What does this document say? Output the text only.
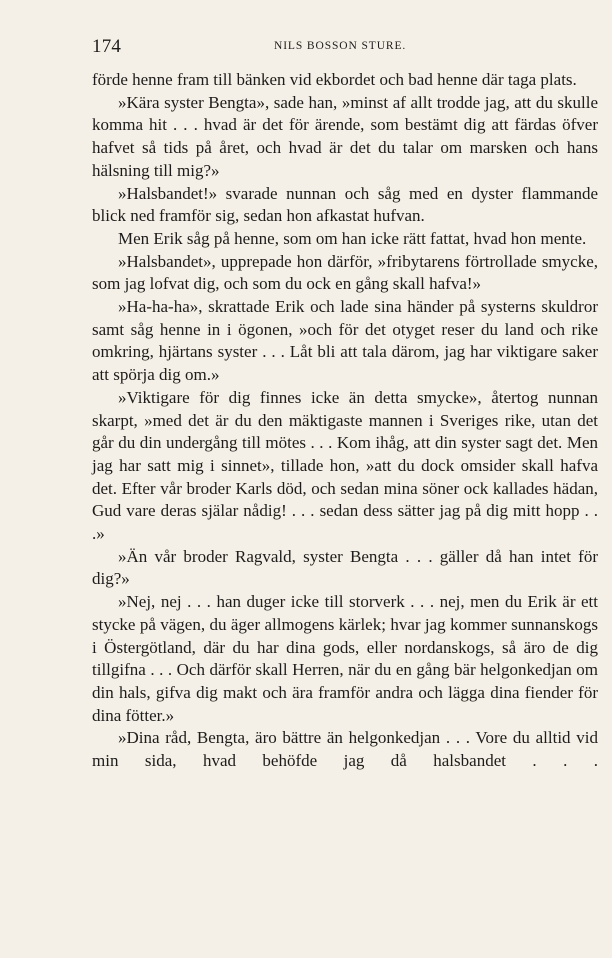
174	NILS BOSSON STURE.

förde henne fram till bänken vid ekbordet och bad henne där taga plats.

»Kära syster Bengta», sade han, »minst af allt trodde jag, att du skulle komma hit . . . hvad är det för ärende, som bestämt dig att färdas öfver hafvet så tids på året, och hvad är det du talar om marsken och hans hälsning till mig?»

»Halsbandet!» svarade nunnan och såg med en dyster flammande blick ned framför sig, sedan hon afkastat hufvan.

Men Erik såg på henne, som om han icke rätt fattat, hvad hon mente.

»Halsbandet», upprepade hon därför, »fribytarens förtrollade smycke, som jag lofvat dig, och som du ock en gång skall hafva!»

»Ha-ha-ha», skrattade Erik och lade sina händer på systerns skuldror samt såg henne in i ögonen, »och för det otyget reser du land och rike omkring, hjärtans syster . . . Låt bli att tala därom, jag har viktigare saker att spörja dig om.»

»Viktigare för dig finnes icke än detta smycke», återtog nunnan skarpt, »med det är du den mäktigaste mannen i Sveriges rike, utan det går du din undergång till mötes . . . Kom ihåg, att din syster sagt det. Men jag har satt mig i sinnet», tillade hon, »att du dock omsider skall hafva det. Efter vår broder Karls död, och sedan mina söner ock kallades hädan, Gud vare deras själar nådig! . . . sedan dess sätter jag på dig mitt hopp . . .»

»Än vår broder Ragvald, syster Bengta . . . gäller då han intet för dig?»

»Nej, nej . . . han duger icke till storverk . . . nej, men du Erik är ett stycke på vägen, du äger allmogens kärlek; hvar jag kommer sunnanskogs i Östergötland, där du har dina gods, eller nordanskogs, så äro de dig tillgifna . . . Och därför skall Herren, när du en gång bär helgonkedjan om din hals, gifva dig makt och ära framför andra och lägga dina fiender för dina fötter.»

»Dina råd, Bengta, äro bättre än helgonkedjan . . . Vore du alltid vid min sida, hvad behöfde jag då halsbandet . . .
